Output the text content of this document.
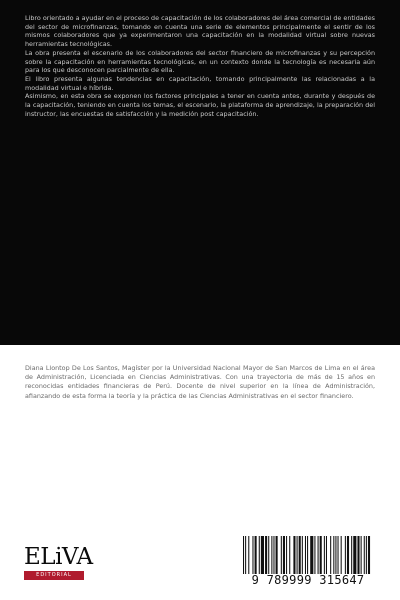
Libro orientado a ayudar en el proceso de capacitación de los colaboradores del área comercial de entidades del sector de microfinanzas, tomando en cuenta una serie de elementos principalmente el sentir de los mismos colaboradores que ya experimentaron una capacitación en la modalidad virtual sobre nuevas herramientas tecnológicas.

La obra presenta el escenario de los colaboradores del sector financiero de microfinanzas y su percepción sobre la capacitación en herramientas tecnológicas, en un contexto donde la tecnología es necesaria aún para los que desconocen parcialmente de ella.

El libro presenta algunas tendencias en capacitación, tomando principalmente las relacionadas a la modalidad virtual e híbrida.

Asimismo, en esta obra se exponen los factores principales a tener en cuenta antes, durante y después de la capacitación, teniendo en cuenta los temas, el escenario, la plataforma de aprendizaje, la preparación del instructor, las encuestas de satisfacción y la medición post capacitación.

Diana Llontop De Los Santos, Magíster por la Universidad Nacional Mayor de San Marcos de Lima en el área de Administración, Licenciada en Ciencias Administrativas. Con una trayectoria de más de 15 años en reconocidas entidades financieras de Perú. Docente de nivel superior en la línea de Administración, afianzando de esta forma la teoría y la práctica de las Ciencias Administrativas en el sector financiero.
ELiVA
EDITORIAL	9 789999 315647
